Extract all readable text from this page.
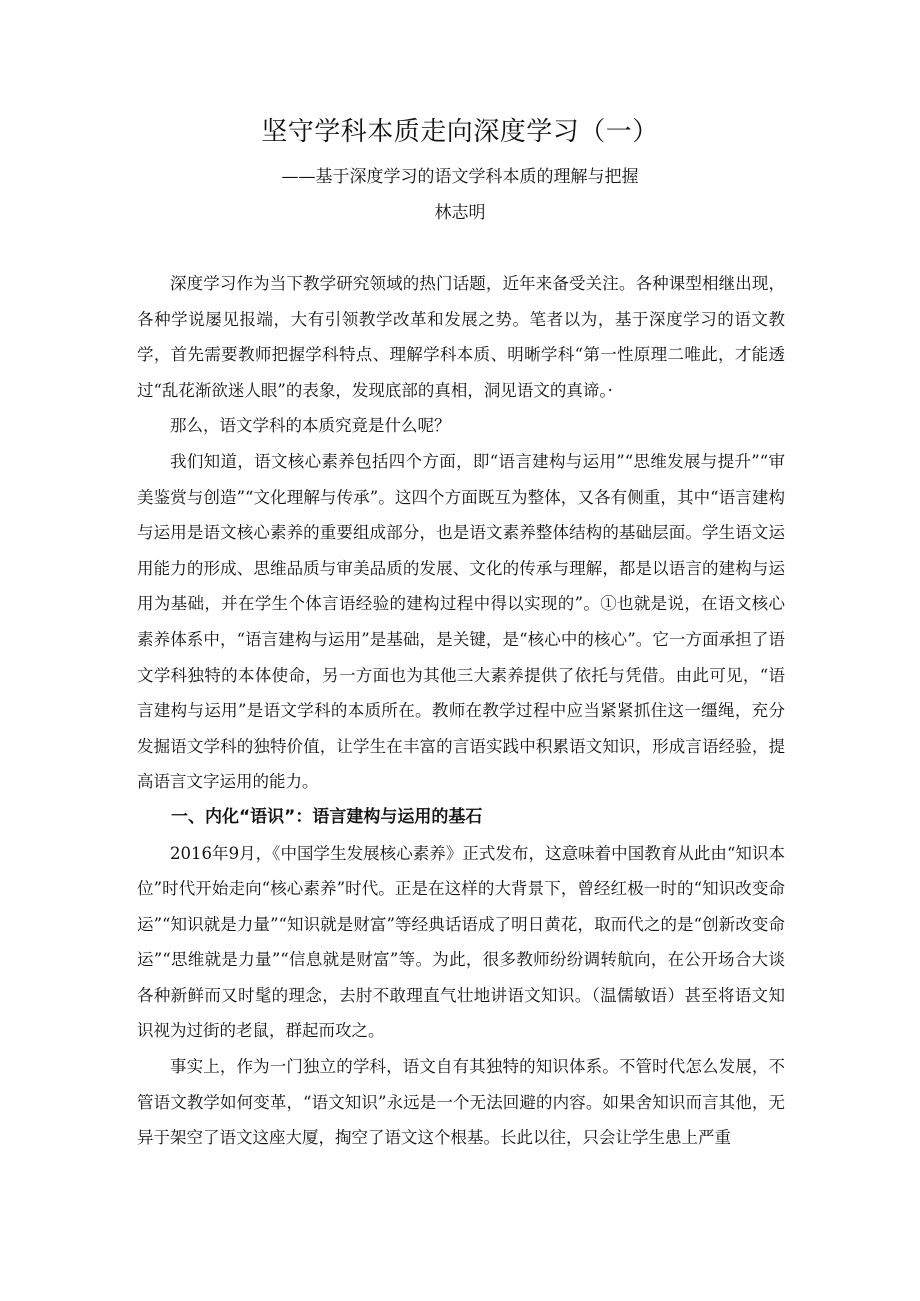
坚守学科本质走向深度学习（一）
——基于深度学习的语文学科本质的理解与把握
林志明

深度学习作为当下教学研究领域的热门话题，近年来备受关注。各种课型相继出现，各种学说屡见报端，大有引领教学改革和发展之势。笔者以为，基于深度学习的语文教学，首先需要教师把握学科特点、理解学科本质、明晰学科“第一性原理二唯此，才能透过“乱花渐欲迷人眼”的表象，发现底部的真相，洞见语文的真谛。·

那么，语文学科的本质究竟是什么呢？

我们知道，语文核心素养包括四个方面，即“语言建构与运用”“思维发展与提升”“审美鉴赏与创造”“文化理解与传承”。这四个方面既互为整体，又各有侧重，其中“语言建构与运用是语文核心素养的重要组成部分，也是语文素养整体结构的基础层面。学生语文运用能力的形成、思维品质与审美品质的发展、文化的传承与理解，都是以语言的建构与运用为基础，并在学生个体言语经验的建构过程中得以实现的”。①也就是说，在语文核心素养体系中，“语言建构与运用”是基础，是关键，是“核心中的核心”。它一方面承担了语文学科独特的本体使命，另一方面也为其他三大素养提供了依托与凭借。由此可见，“语言建构与运用”是语文学科的本质所在。教师在教学过程中应当紧紧抓住这一缰绳，充分发掘语文学科的独特价值，让学生在丰富的言语实践中积累语文知识，形成言语经验，提高语言文字运用的能力。

一、内化“语识”：语言建构与运用的基石

2016年9月，《中国学生发展核心素养》正式发布，这意味着中国教育从此由“知识本位”时代开始走向“核心素养”时代。正是在这样的大背景下，曾经红极一时的“知识改变命运”“知识就是力量”“知识就是财富”等经典话语成了明日黄花，取而代之的是“创新改变命运”“思维就是力量”“信息就是财富”等。为此，很多教师纷纷调转航向，在公开场合大谈各种新鲜而又时髦的理念，去肘不敢理直气壮地讲语文知识。（温儒敏语）甚至将语文知识视为过街的老鼠，群起而攻之。

事实上，作为一门独立的学科，语文自有其独特的知识体系。不管时代怎么发展，不管语文教学如何变革，“语文知识”永远是一个无法回避的内容。如果舍知识而言其他，无异于架空了语文这座大厦，掏空了语文这个根基。长此以往，只会让学生患上严重
